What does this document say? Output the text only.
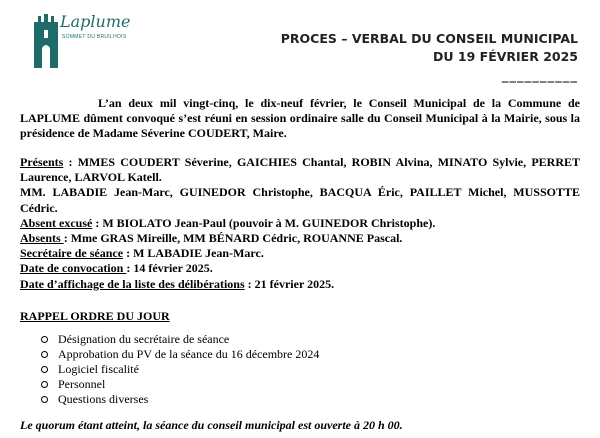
Laplume
SOMMET DU BRUILHOIS	PROCES – VERBAL DU CONSEIL MUNICIPAL
DU 19 FÉVRIER 2025
__________
L’an deux mil vingt-cinq, le dix-neuf février, le Conseil Municipal de la Commune de LAPLUME dûment convoqué s’est réuni en session ordinaire salle du Conseil Municipal à la Mairie, sous la présidence de Madame Séverine COUDERT, Maire.

Présents : MMES COUDERT Séverine, GAICHIES Chantal, ROBIN Alvina, MINATO Sylvie, PERRET Laurence, LARVOL Katell.

MM. LABADIE Jean-Marc, GUINEDOR Christophe, BACQUA Éric, PAILLET Michel, MUSSOTTE Cédric.

Absent excusé : M BIOLATO Jean-Paul (pouvoir à M. GUINEDOR Christophe).

Absents : Mme GRAS Mireille, MM BÉNARD Cédric, ROUANNE Pascal.

Secrétaire de séance : M LABADIE Jean-Marc.

Date de convocation : 14 février 2025.

Date d’affichage de la liste des délibérations : 21 février 2025.

RAPPEL ORDRE DU JOUR
Désignation du secrétaire de séance
Approbation du PV de la séance du 16 décembre 2024
Logiciel fiscalité
Personnel
Questions diverses
Le quorum étant atteint, la séance du conseil municipal est ouverte à 20 h 00.
